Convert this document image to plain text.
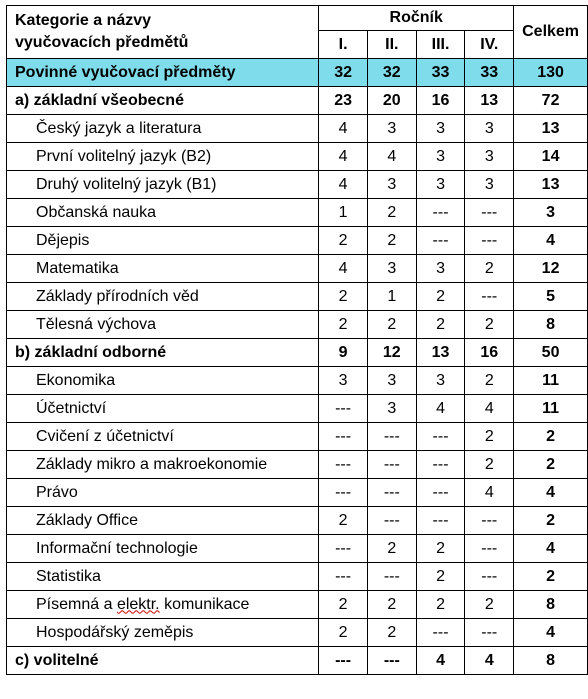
Kategorie a názvy
vyučovacích předmětů	Ročník				Celkem
	I.	II.	III.	IV.	
Povinné vyučovací předměty	32	32	33	33	130
a) základní všeobecné	23	20	16	13	72
Český jazyk a literatura	4	3	3	3	13
První volitelný jazyk (B2)	4	4	3	3	14
Druhý volitelný jazyk (B1)	4	3	3	3	13
Občanská nauka	1	2	---	---	3
Dějepis	2	2	---	---	4
Matematika	4	3	3	2	12
Základy přírodních věd	2	1	2	---	5
Tělesná výchova	2	2	2	2	8
b) základní odborné	9	12	13	16	50
Ekonomika	3	3	3	2	11
Účetnictví	---	3	4	4	11
Cvičení z účetnictví	---	---	---	2	2
Základy mikro a makroekonomie	---	---	---	2	2
Právo	---	---	---	4	4
Základy Office	2	---	---	---	2
Informační technologie	---	2	2	---	4
Statistika	---	---	2	---	2
Písemná a elektr. komunikace	2	2	2	2	8
Hospodářský zeměpis	2	2	---	---	4
c) volitelné	---	---	4	4	8
